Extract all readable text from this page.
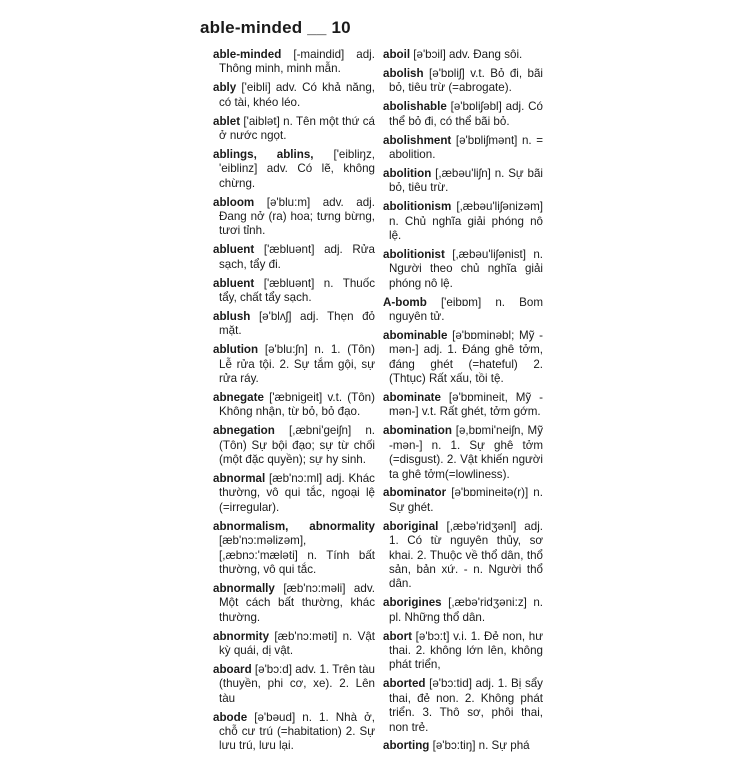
able-minded __ 10

able-minded [-maindid] adj. Thông minh, minh mẫn.

ably ['eibli] adv. Có khả năng, có tài, khéo léo.

ablet ['aiblət] n. Tên một thứ cá ở nước ngọt.

ablings, ablins, ['eibliŋz, 'eiblinz] adv. Có lẽ, không chừng.

abloom [ə'blu:m] adv. adj. Đang nở (ra) hoa; tưng bừng, tươi tỉnh.

abluent ['æbluənt] adj. Rửa sạch, tẩy đi.

abluent ['æbluənt] n. Thuốc tẩy, chất tẩy sạch.

ablush [ə'blʌʃ] adj. Thẹn đỏ mặt.

ablution [ə'blu:ʃn] n. 1. (Tôn) Lễ rửa tội. 2. Sự tắm gội, sự rửa ráy.

abnegate ['æbnigeit] v.t. (Tôn) Không nhận, từ bỏ, bỏ đạo.

abnegation [,æbni'geiʃn] n. (Tôn) Sự bội đạo; sự từ chối (một đặc quyền); sự hy sinh.

abnormal [æb'nɔ:ml] adj. Khác thường, vô qui tắc, ngoại lệ (=irregular).

abnormalism, abnormality [æb'nɔ:məlizəm], [,æbnɔ:'mæləti] n. Tính bất thường, vô qui tắc.

abnormally [æb'nɔ:məli] adv. Một cách bất thường, khác thường.

abnormity [æb'nɔ:məti] n. Vật kỳ quái, dị vật.

aboard [ə'bɔ:d] adv. 1. Trên tàu (thuyền, phi cơ, xe). 2. Lên tàu

abode [ə'bəud] n. 1. Nhà ở, chỗ cư trú (=habitation) 2. Sự lưu trú, lưu lại.

aboil [ə'bɔil] adv. Đang sôi.

abolish [ə'bɒliʃ] v.t. Bỏ đi, bãi bỏ, tiêu trừ (=abrogate).

abolishable [ə'bɒliʃəbl] adj. Có thể bỏ đi, có thể bãi bỏ.

abolishment [ə'bɒliʃmənt] n. = abolition.

abolition [,æbəu'liʃn] n. Sự bãi bỏ, tiêu trừ.

abolitionism [,æbəu'liʃənizəm] n. Chủ nghĩa giải phóng nô lệ.

abolitionist [,æbəu'liʃənist] n. Người theo chủ nghĩa giải phóng nô lệ.

A-bomb ['eibɒm] n. Bom nguyên tử.

abominable [ə'bɒminəbl; Mỹ -mən-] adj. 1. Đáng ghê tởm, đáng ghét (=hateful) 2. (Thtục) Rất xấu, tồi tệ.

abominate [ə'bɒmineit, Mỹ -mən-] v.t. Rất ghét, tởm gớm.

abomination [ə,bɒmi'neiʃn, Mỹ -mən-] n. 1. Sự ghê tởm (=disgust). 2. Vật khiến người ta ghê tởm(=lowliness).

abominator [ə'bɒmineitə(r)] n. Sự ghét.

aboriginal [,æbə'ridʒənl] adj. 1. Có từ nguyên thủy, sơ khai. 2. Thuộc về thổ dân, thổ sản, bản xứ. - n. Người thổ dân.

aborigines [,æbə'ridʒəni:z] n. pl. Những thổ dân.

abort [ə'bɔ:t] v.i. 1. Đẻ non, hư thai. 2. không lớn lên, không phát triển,

aborted [ə'bɔ:tid] adj. 1. Bị sẩy thai, đẻ non. 2. Không phát triển. 3. Thô sơ, phôi thai, non trẻ.

aborting [ə'bɔ:tiŋ] n. Sự phá
